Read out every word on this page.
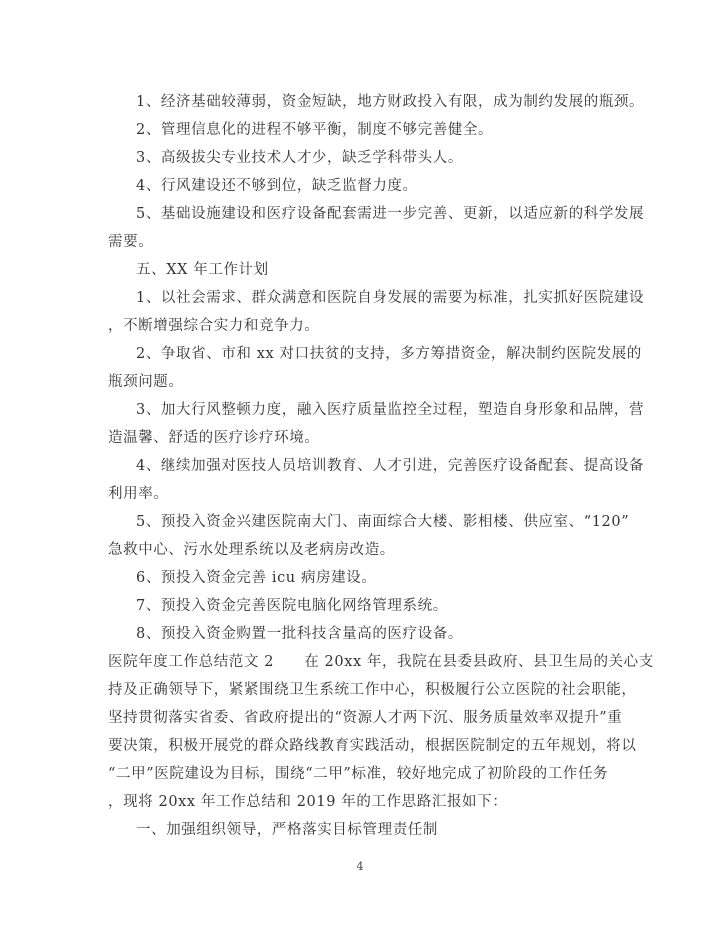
1、经济基础较薄弱，资金短缺，地方财政投入有限，成为制约发展的瓶颈。
2、管理信息化的进程不够平衡，制度不够完善健全。
3、高级拔尖专业技术人才少，缺乏学科带头人。
4、行风建设还不够到位，缺乏监督力度。
5、基础设施建设和医疗设备配套需进一步完善、更新，以适应新的科学发展
需要。
五、XX 年工作计划
1、以社会需求、群众满意和医院自身发展的需要为标准，扎实抓好医院建设
，不断增强综合实力和竞争力。
2、争取省、市和 xx 对口扶贫的支持，多方筹措资金，解决制约医院发展的
瓶颈问题。
3、加大行风整顿力度，融入医疗质量监控全过程，塑造自身形象和品牌，营
造温馨、舒适的医疗诊疗环境。
4、继续加强对医技人员培训教育、人才引进，完善医疗设备配套、提高设备
利用率。
5、预投入资金兴建医院南大门、南面综合大楼、影相楼、供应室、“120”
急救中心、污水处理系统以及老病房改造。
6、预投入资金完善 icu 病房建设。
7、预投入资金完善医院电脑化网络管理系统。
8、预投入资金购置一批科技含量高的医疗设备。
医院年度工作总结范文 2　　在 20xx 年，我院在县委县政府、县卫生局的关心支
持及正确领导下，紧紧围绕卫生系统工作中心，积极履行公立医院的社会职能，
坚持贯彻落实省委、省政府提出的“资源人才两下沉、服务质量效率双提升”重
要决策，积极开展党的群众路线教育实践活动，根据医院制定的五年规划，将以
“二甲”医院建设为目标，围绕“二甲”标准，较好地完成了初阶段的工作任务
，现将 20xx 年工作总结和 2019 年的工作思路汇报如下：
一、加强组织领导，严格落实目标管理责任制
4
